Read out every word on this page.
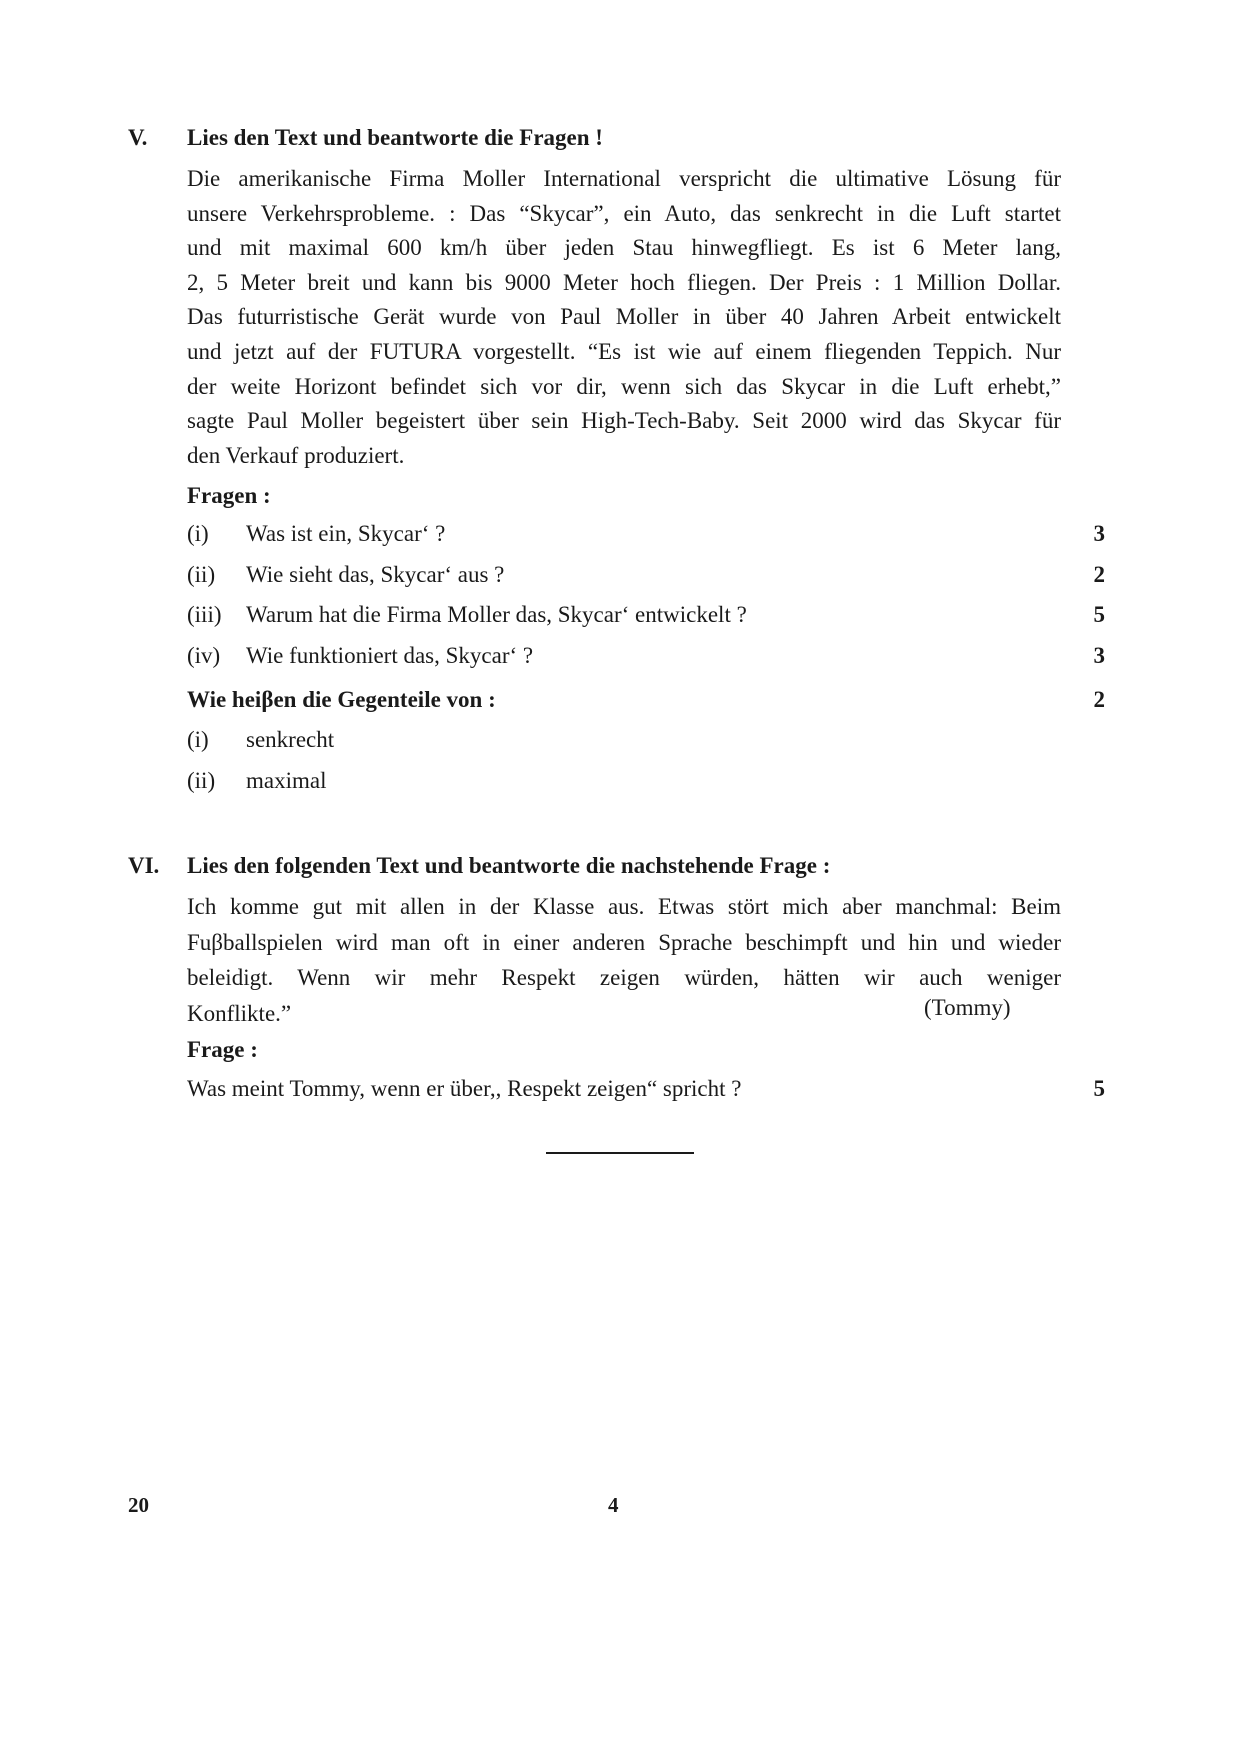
V. Lies den Text und beantworte die Fragen !
Die amerikanische Firma Moller International verspricht die ultimative Lösung für
unsere Verkehrsprobleme. : Das “Skycar”, ein Auto, das senkrecht in die Luft startet
und mit maximal 600 km/h über jeden Stau hinwegfliegt. Es ist 6 Meter lang,
2, 5 Meter breit und kann bis 9000 Meter hoch fliegen. Der Preis : 1 Million Dollar.
Das futurristische Gerät wurde von Paul Moller in über 40 Jahren Arbeit entwickelt
und jetzt auf der FUTURA vorgestellt. “Es ist wie auf einem fliegenden Teppich. Nur
der weite Horizont befindet sich vor dir, wenn sich das Skycar in die Luft erhebt,”
sagte Paul Moller begeistert über sein High-Tech-Baby. Seit 2000 wird das Skycar für
den Verkauf produziert.
Fragen :
(i) Was ist ein, Skycar‘ ?	3
(ii) Wie sieht das, Skycar‘ aus ?	2
(iii) Warum hat die Firma Moller das, Skycar‘ entwickelt ?	5
(iv) Wie funktioniert das, Skycar‘ ?	3
Wie heiβen die Gegenteile von :	2
(i) senkrecht
(ii) maximal
VI. Lies den folgenden Text und beantworte die nachstehende Frage :
Ich komme gut mit allen in der Klasse aus. Etwas stört mich aber manchmal: Beim
Fuβballspielen wird man oft in einer anderen Sprache beschimpft und hin und wieder
beleidigt. Wenn wir mehr Respekt zeigen würden, hätten wir auch weniger
Konflikte.”	(Tommy)
Frage :
Was meint Tommy, wenn er über,, Respekt zeigen“ spricht ?	5
20	4
